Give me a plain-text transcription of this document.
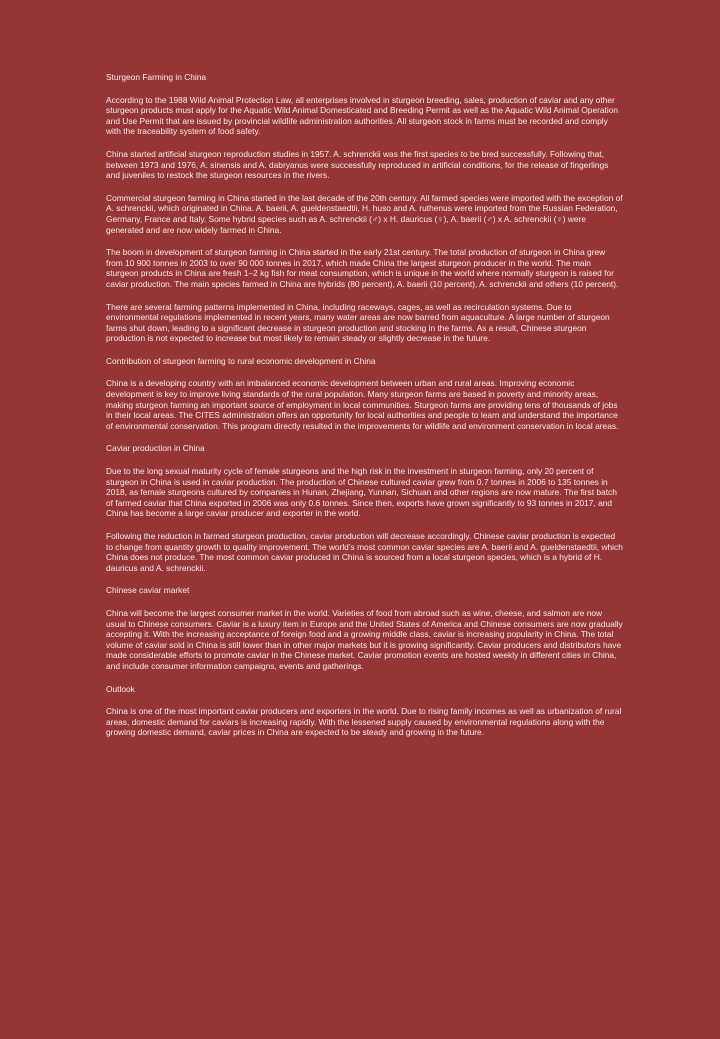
Sturgeon Farming in China

According to the 1988 Wild Animal Protection Law, all enterprises involved in sturgeon breeding, sales, production of caviar and any other sturgeon products must apply for the Aquatic Wild Animal Domesticated and Breeding Permit as well as the Aquatic Wild Animal Operation and Use Permit that are issued by provincial wildlife administration authorities. All sturgeon stock in farms must be recorded and comply with the traceability system of food safety.

China started artificial sturgeon reproduction studies in 1957. A. schrenckii was the first species to be bred successfully. Following that, between 1973 and 1976, A. sinensis and A. dabryanus were successfully reproduced in artificial conditions, for the release of fingerlings and juveniles to restock the sturgeon resources in the rivers.

Commercial sturgeon farming in China started in the last decade of the 20th century. All farmed species were imported with the exception of A. schrenckii, which originated in China. A. baerii, A. gueldenstaedtii, H. huso and A. ruthenus were imported from the Russian Federation, Germany, France and Italy. Some hybrid species such as A. schrenckii (♂) x H. dauricus (♀), A. baerii (♂) x A. schrenckii (♀) were generated and are now widely farmed in China.

The boom in development of sturgeon farming in China started in the early 21st century. The total production of sturgeon in China grew from 10 900 tonnes in 2003 to over 90 000 tonnes in 2017, which made China the largest sturgeon producer in the world. The main sturgeon products in China are fresh 1–2 kg fish for meat consumption, which is unique in the world where normally sturgeon is raised for caviar production. The main species farmed in China are hybrids (80 percent), A. baerii (10 percent), A. schrenckii and others (10 percent).

There are several farming patterns implemented in China, including raceways, cages, as well as recirculation systems. Due to environmental regulations implemented in recent years, many water areas are now barred from aquaculture. A large number of sturgeon farms shut down, leading to a significant decrease in sturgeon production and stocking in the farms. As a result, Chinese sturgeon production is not expected to increase but most likely to remain steady or slightly decrease in the future.

Contribution of sturgeon farming to rural economic development in China

China is a developing country with an imbalanced economic development between urban and rural areas. Improving economic development is key to improve living standards of the rural population. Many sturgeon farms are based in poverty and minority areas, making sturgeon farming an important source of employment in local communities. Sturgeon farms are providing tens of thousands of jobs in their local areas. The CITES administration offers an opportunity for local authorities and people to learn and understand the importance of environmental conservation. This program directly resulted in the improvements for wildlife and environment conservation in local areas.

Caviar production in China

Due to the long sexual maturity cycle of female sturgeons and the high risk in the investment in sturgeon farming, only 20 percent of sturgeon in China is used in caviar production. The production of Chinese cultured caviar grew from 0.7 tonnes in 2006 to 135 tonnes in 2018, as female sturgeons cultured by companies in Hunan, Zhejiang, Yunnan, Sichuan and other regions are now mature. The first batch of farmed caviar that China exported in 2006 was only 0.6 tonnes. Since then, exports have grown significantly to 93 tonnes in 2017, and China has become a large caviar producer and exporter in the world.

Following the reduction in farmed sturgeon production, caviar production will decrease accordingly. Chinese caviar production is expected to change from quantity growth to quality improvement. The world’s most common caviar species are A. baerii and A. gueldenstaedtii, which China does not produce. The most common caviar produced in China is sourced from a local sturgeon species, which is a hybrid of H. dauricus and A. schrenckii.

Chinese caviar market

China will become the largest consumer market in the world. Varieties of food from abroad such as wine, cheese, and salmon are now usual to Chinese consumers. Caviar is a luxury item in Europe and the United States of America and Chinese consumers are now gradually accepting it. With the increasing acceptance of foreign food and a growing middle class, caviar is increasing popularity in China. The total volume of caviar sold in China is still lower than in other major markets but it is growing significantly. Caviar producers and distributors have made considerable efforts to promote caviar in the Chinese market. Caviar promotion events are hosted weekly in different cities in China, and include consumer information campaigns, events and gatherings.

Outlook

China is one of the most important caviar producers and exporters in the world. Due to rising family incomes as well as urbanization of rural areas, domestic demand for caviars is increasing rapidly. With the lessened supply caused by environmental regulations along with the growing domestic demand, caviar prices in China are expected to be steady and growing in the future.
